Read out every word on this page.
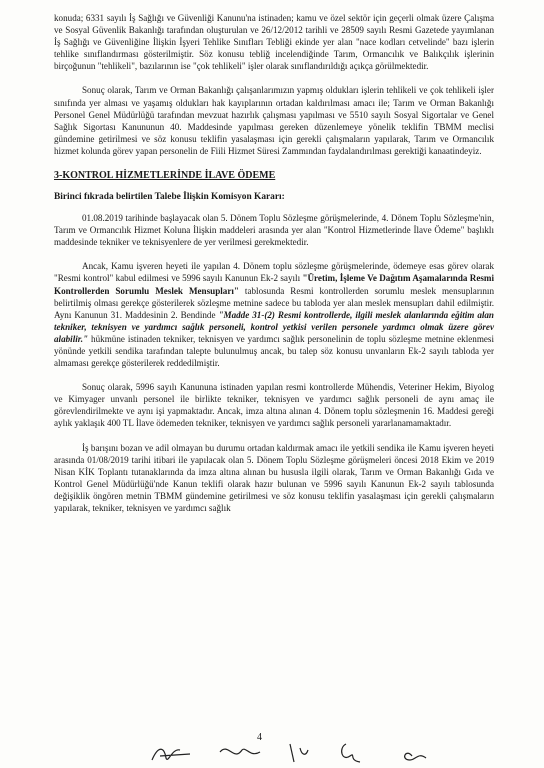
konuda; 6331 sayılı İş Sağlığı ve Güvenliği Kanunu'na istinaden; kamu ve özel sektör için geçerli olmak üzere Çalışma ve Sosyal Güvenlik Bakanlığı tarafından oluşturulan ve 26/12/2012 tarihli ve 28509 sayılı Resmi Gazetede yayımlanan İş Sağlığı ve Güvenliğine İlişkin İşyeri Tehlike Sınıfları Tebliği ekinde yer alan "nace kodları cetvelinde" bazı işlerin tehlike sınıflandırması gösterilmiştir. Söz konusu tebliğ incelendiğinde Tarım, Ormancılık ve Balıkçılık işlerinin birçoğunun "tehlikeli", bazılarının ise "çok tehlikeli" işler olarak sınıflandırıldığı açıkça görülmektedir.

Sonuç olarak, Tarım ve Orman Bakanlığı çalışanlarımızın yapmış oldukları işlerin tehlikeli ve çok tehlikeli işler sınıfında yer alması ve yaşamış oldukları hak kayıplarının ortadan kaldırılması amacı ile; Tarım ve Orman Bakanlığı Personel Genel Müdürlüğü tarafından mevzuat hazırlık çalışması yapılması ve 5510 sayılı Sosyal Sigortalar ve Genel Sağlık Sigortası Kanununun 40. Maddesinde yapılması gereken düzenlemeye yönelik teklifin TBMM meclisi gündemine getirilmesi ve söz konusu teklifin yasalaşması için gerekli çalışmaların yapılarak, Tarım ve Ormancılık hizmet kolunda görev yapan personelin de Fiili Hizmet Süresi Zammından faydalandırılması gerektiği kanaatindeyiz.

3-KONTROL HİZMETLERİNDE İLAVE ÖDEME
Birinci fıkrada belirtilen Talebe İlişkin Komisyon Kararı:

01.08.2019 tarihinde başlayacak olan 5. Dönem Toplu Sözleşme görüşmelerinde, 4. Dönem Toplu Sözleşme'nin, Tarım ve Ormancılık Hizmet Koluna İlişkin maddeleri arasında yer alan "Kontrol Hizmetlerinde İlave Ödeme" başlıklı maddesinde tekniker ve teknisyenlere de yer verilmesi gerekmektedir.

Ancak, Kamu işveren heyeti ile yapılan 4. Dönem toplu sözleşme görüşmelerinde, ödemeye esas görev olarak "Resmi kontrol" kabul edilmesi ve 5996 sayılı Kanunun Ek-2 sayılı "Üretim, İşleme Ve Dağıtım Aşamalarında Resmi Kontrollerden Sorumlu Meslek Mensupları" tablosunda Resmi kontrollerden sorumlu meslek mensuplarının belirtilmiş olması gerekçe gösterilerek sözleşme metnine sadece bu tabloda yer alan meslek mensupları dahil edilmiştir. Aynı Kanunun 31. Maddesinin 2. Bendinde "Madde 31-(2) Resmi kontrollerde, ilgili meslek alanlarında eğitim alan tekniker, teknisyen ve yardımcı sağlık personeli, kontrol yetkisi verilen personele yardımcı olmak üzere görev alabilir." hükmüne istinaden tekniker, teknisyen ve yardımcı sağlık personelinin de toplu sözleşme metnine eklenmesi yönünde yetkili sendika tarafından talepte bulunulmuş ancak, bu talep söz konusu unvanların Ek-2 sayılı tabloda yer almaması gerekçe gösterilerek reddedilmiştir.

Sonuç olarak, 5996 sayılı Kanununa istinaden yapılan resmi kontrollerde Mühendis, Veteriner Hekim, Biyolog ve Kimyager unvanlı personel ile birlikte tekniker, teknisyen ve yardımcı sağlık personeli de aynı amaç ile görevlendirilmekte ve aynı işi yapmaktadır. Ancak, imza altına alınan 4. Dönem toplu sözleşmenin 16. Maddesi gereği aylık yaklaşık 400 TL İlave ödemeden tekniker, teknisyen ve yardımcı sağlık personeli yararlanamamaktadır.

İş barışını bozan ve adil olmayan bu durumu ortadan kaldırmak amacı ile yetkili sendika ile Kamu işveren heyeti arasında 01/08/2019 tarihi itibari ile yapılacak olan 5. Dönem Toplu Sözleşme görüşmeleri öncesi 2018 Ekim ve 2019 Nisan KİK Toplantı tutanaklarında da imza altına alınan bu hususla ilgili olarak, Tarım ve Orman Bakanlığı Gıda ve Kontrol Genel Müdürlüğü'nde Kanun teklifi olarak hazır bulunan ve 5996 sayılı Kanunun Ek-2 sayılı tablosunda değişiklik öngören metnin TBMM gündemine getirilmesi ve söz konusu teklifin yasalaşması için gerekli çalışmaların yapılarak, tekniker, teknisyen ve yardımcı sağlık

4
